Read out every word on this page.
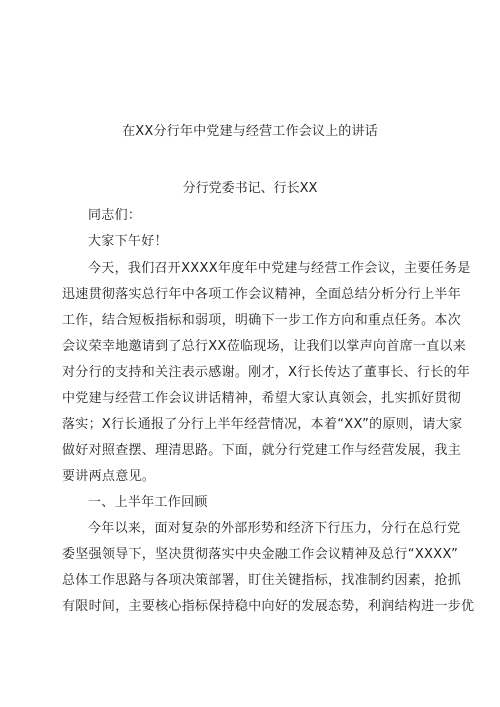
在XX分行年中党建与经营工作会议上的讲话
分行党委书记、行长XX
同志们：
大家下午好！
今天，我们召开XXXX年度年中党建与经营工作会议，主要任务是
迅速贯彻落实总行年中各项工作会议精神，全面总结分析分行上半年
工作，结合短板指标和弱项，明确下一步工作方向和重点任务。本次
会议荣幸地邀请到了总行XX莅临现场，让我们以掌声向首席一直以来
对分行的支持和关注表示感谢。刚才，X行长传达了董事长、行长的年
中党建与经营工作会议讲话精神，希望大家认真领会，扎实抓好贯彻
落实；X行长通报了分行上半年经营情况，本着“XX”的原则，请大家
做好对照查摆、理清思路。下面，就分行党建工作与经营发展，我主
要讲两点意见。
一、上半年工作回顾
今年以来，面对复杂的外部形势和经济下行压力，分行在总行党
委坚强领导下，坚决贯彻落实中央金融工作会议精神及总行“XXXX”
总体工作思路与各项决策部署，盯住关键指标，找准制约因素，抢抓
有限时间，主要核心指标保持稳中向好的发展态势，利润结构进一步优
